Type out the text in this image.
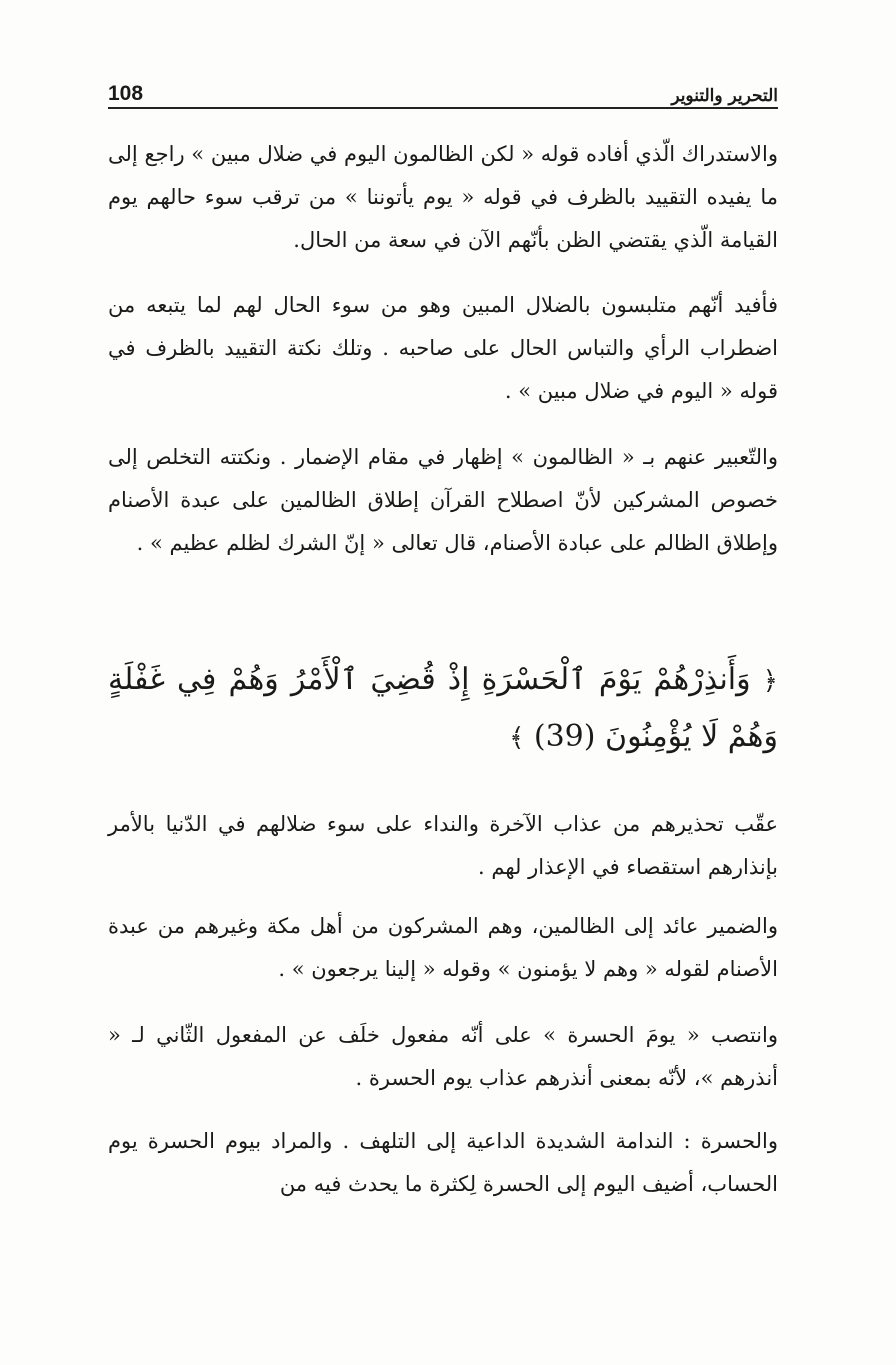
108	التحرير والتنوير

والاستدراك الّذي أفاده قوله « لكن الظالمون اليوم في ضلال مبين » راجع إلى ما يفيده التقييد بالظرف في قوله « يوم يأتوننا » من ترقب سوء حالهم يوم القيامة الّذي يقتضي الظن بأنّهم الآن في سعة من الحال.

فأفيد أنّهم متلبسون بالضلال المبين وهو من سوء الحال لهم لما يتبعه من اضطراب الرأي والتباس الحال على صاحبه . وتلك نكتة التقييد بالظرف في قوله « اليوم في ضلال مبين » .

والتّعبير عنهم بـ « الظالمون » إظهار في مقام الإضمار . ونكتته التخلص إلى خصوص المشركين لأنّ اصطلاح القرآن إطلاق الظالمين على عبدة الأصنام وإطلاق الظالم على عبادة الأصنام، قال تعالى « إنّ الشرك لظلم عظيم » .

﴿ وَأَنذِرْهُمْ يَوْمَ ٱلْحَسْرَةِ إِذْ قُضِيَ ٱلْأَمْرُ وَهُمْ فِي غَفْلَةٍ وَهُمْ لَا يُؤْمِنُونَ (39) ﴾

عقّب تحذيرهم من عذاب الآخرة والنداء على سوء ضلالهم في الدّنيا بالأمر بإنذارهم استقصاء في الإعذار لهم .

والضمير عائد إلى الظالمين، وهم المشركون من أهل مكة وغيرهم من عبدة الأصنام لقوله « وهم لا يؤمنون » وقوله « إلينا يرجعون » .

وانتصب « يومَ الحسرة » على أنّه مفعول خلَف عن المفعول الثّاني لـ « أنذرهم »، لأنّه بمعنى أنذرهم عذاب يوم الحسرة .

والحسرة : الندامة الشديدة الداعية إلى التلهف . والمراد بيوم الحسرة يوم الحساب، أضيف اليوم إلى الحسرة لِكثرة ما يحدث فيه من
